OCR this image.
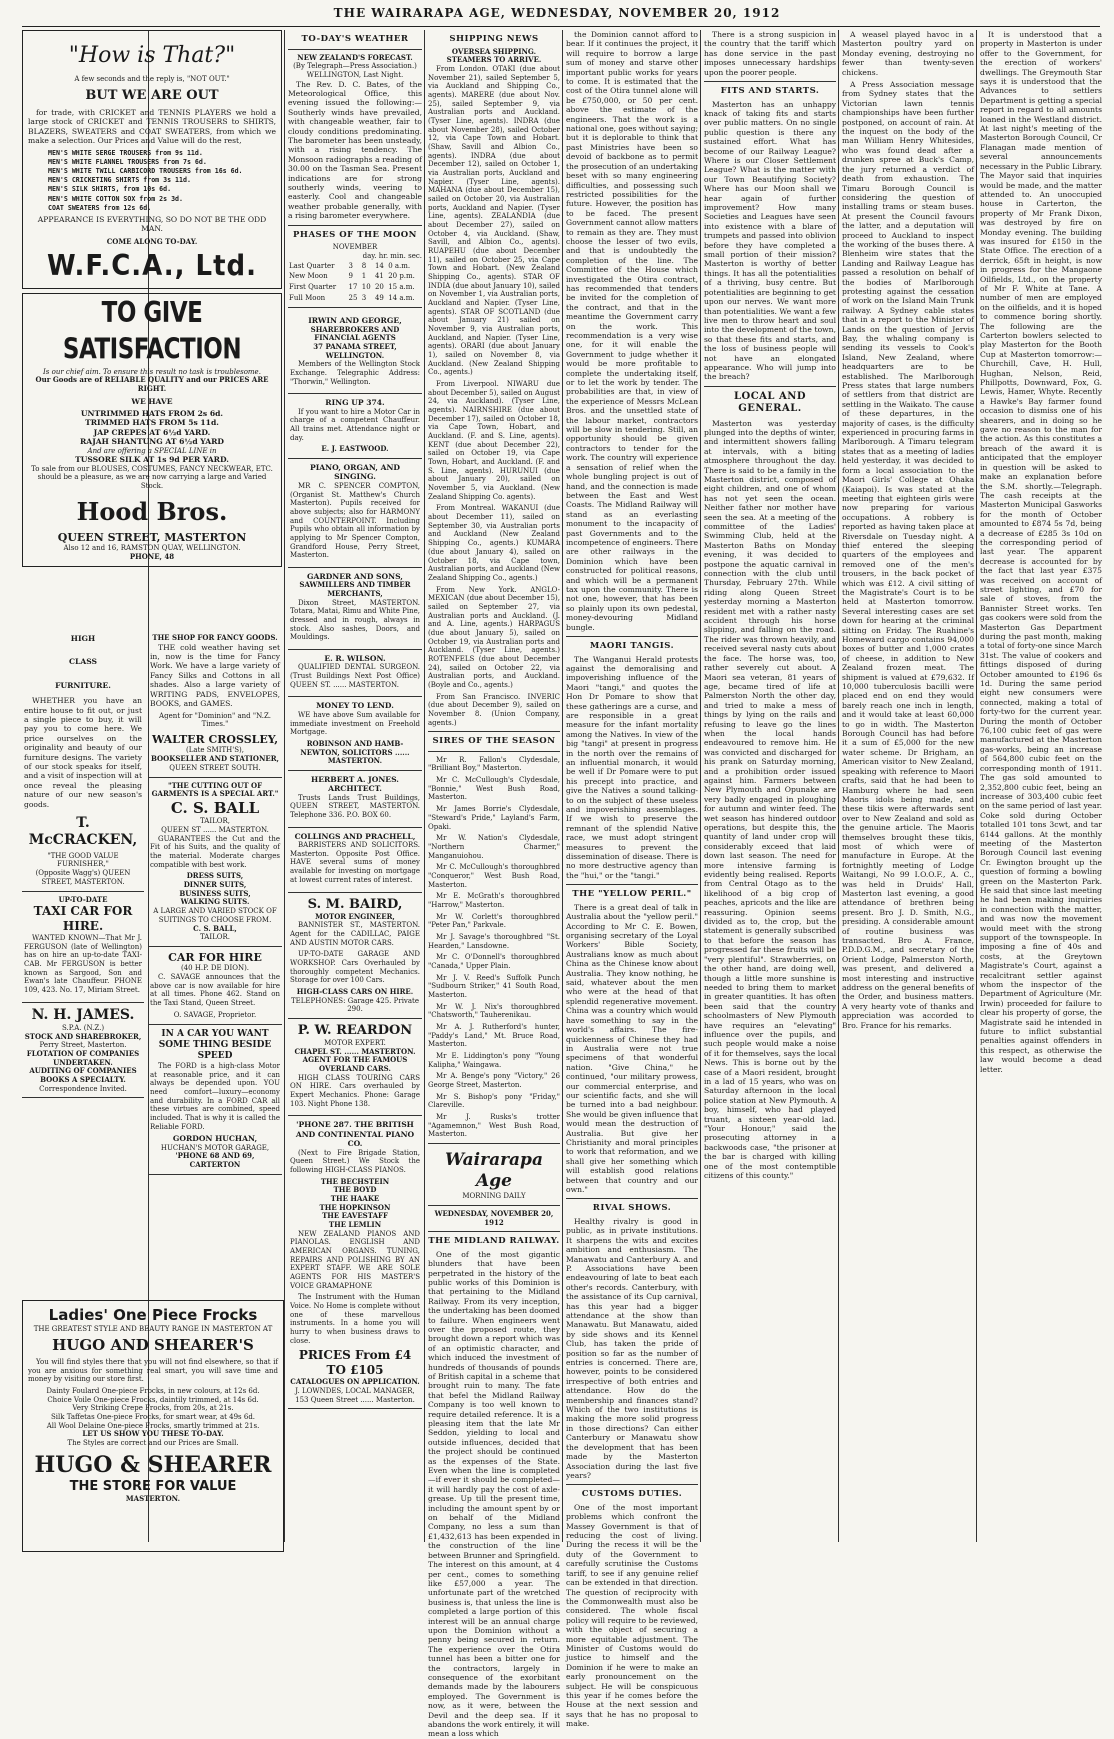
THE WAIRARAPA AGE, WEDNESDAY, NOVEMBER 20, 1912
"How is That?"
A few seconds and the reply is, "NOT OUT."
BUT WE ARE OUT

for trade, with CRICKET and TENNIS PLAYERS we hold a large stock of CRICKET and TENNIS TROUSERS to SHIRTS, BLAZERS, SWEATERS and COAT SWEATERS, from which we make a selection. Our Prices and Value will do the rest,

MEN'S WHITE SERGE TROUSERS from 9s 11d.
MEN'S WHITE FLANNEL TROUSERS from 7s 6d.
MEN'S WHITE TWILL CARBICORD TROUSERS from 16s 6d.
MEN'S CRICKETING SHIRTS from 3s 11d.
MEN'S SILK SHIRTS, from 10s 6d.
MEN'S WHITE COTTON SOX from 2s 3d.
COAT SWEATERS from 12s 6d.
APPEARANCE IS EVERYTHING, SO DO NOT BE THE ODD MAN.
COME ALONG TO-DAY.
W.F.C.A., Ltd.
TO GIVE SATISFACTION
Is our chief aim. To ensure this result no task is troublesome.
Our Goods are of RELIABLE QUALITY and our PRICES ARE RIGHT.
WE HAVE
UNTRIMMED HATS FROM 2s 6d.
TRIMMED HATS FROM 5s 11d.
JAP CREPES AT 6½d YARD.
RAJAH SHANTUNG AT 6½d YARD
And are offering a SPECIAL LINE in
TUSSORE SILK AT 1s 9d PER YARD.
To sale from our BLOUSES, COSTUMES, FANCY NECKWEAR, ETC. should be a pleasure, as we are now carrying a large and Varied Stock.
Hood Bros.
QUEEN STREET, MASTERTON
Also 12 and 16, RAMSTON QUAY, WELLINGTON.
PHONE, 48
HIGH
CLASS
FURNITURE.

WHETHER you have an entire house to fit out, or just a single piece to buy, it will pay you to come here. We price ourselves on the originality and beauty of our furniture designs. The variety of our stock speaks for itself, and a visit of inspection will at once reveal the pleasing nature of our new season's goods.

T. McCRACKEN,
"THE GOOD VALUE FURNISHER,"
(Opposite Wagg's) QUEEN STREET, MASTERTON.
UP-TO-DATE
TAXI CAR FOR HIRE.

WANTED KNOWN—That Mr J. FERGUSON (late of Wellington) has on hire an up-to-date TAXI-CAB. Mr FERGUSON is better known as Sargood, Son and Ewan's late Chauffeur. PHONE 109, 423. No. 17, Miriam Street.

N. H. JAMES.
S.P.A. (N.Z.)
STOCK AND SHAREBROKER,
Perry Street, Masterton.
FLOTATION OF COMPANIES UNDERTAKEN.
AUDITING OF COMPANIES BOOKS A SPECIALTY.
Correspondence Invited.
THE SHOP FOR FANCY GOODS.

THE cold weather having set in, now is the time for Fancy Work. We have a large variety of Fancy Silks and Cottons in all shades. Also a large variety of WRITING PADS, ENVELOPES, BOOKS, and GAMES.

Agent for "Dominion" and "N.Z. Times."
WALTER CROSSLEY,
(Late SMITH'S),
BOOKSELLER AND STATIONER,
QUEEN STREET SOUTH.
"THE CUTTING OUT OF GARMENTS IS A SPECIAL ART."
C. S. BALL
TAILOR,
QUEEN ST ...... MASTERTON.

GUARANTEES the Cut and the Fit of his Suits, and the quality of the material. Moderate charges compatible with best work.

DRESS SUITS,
DINNER SUITS,
BUSINESS SUITS,
WALKING SUITS.
A LARGE AND VARIED STOCK OF SUITINGS TO CHOOSE FROM.
C. S. BALL,
TAILOR.
CAR FOR HIRE
(40 H.P. DE DION).

C. SAVAGE announces that the above car is now available for hire at all times. Phone 462. Stand on the Taxi Stand, Queen Street.

O. SAVAGE, Proprietor.
IN A CAR YOU WANT SOME THING BESIDE SPEED

The FORD is a high-class Motor at reasonable price, and it can always be depended upon. YOU need comfort—luxury—economy and durability. In a FORD CAR all these virtues are combined, speed included. That is why it is called the Reliable FORD.

GORDON HUCHAN,
HUCHAN'S MOTOR GARAGE,
'PHONE 68 AND 69, CARTERTON
Ladies' One Piece Frocks
THE GREATEST STYLE AND BEAUTY RANGE IN MASTERTON AT
HUGO AND SHEARER'S

You will find styles there that you will not find elsewhere, so that if you are anxious for something real smart, you will save time and money by visiting our store first.

Dainty Foulard One-piece Frocks, in new colours, at 12s 6d.
Choice Voile One-piece Frocks, daintily trimmed, at 14s 6d.
Very Striking Crepe Frocks, from 20s, at 21s.
Silk Taffetas One-piece Frocks, for smart wear, at 49s 6d.
All Wool Delaine One-piece Frocks, smartly trimmed at 21s.
LET US SHOW YOU THESE TO-DAY.
The Styles are correct and our Prices are Small.
HUGO & SHEARER
THE STORE FOR VALUE
MASTERTON.
TO-DAY'S WEATHER
NEW ZEALAND'S FORECAST.
(By Telegraph—Press Association.)
WELLINGTON, Last Night.

The Rev. D. C. Bates, of the Meteorological Office, this evening issued the following:— Southerly winds have prevailed, with changeable weather, fair to cloudy conditions predominating. The barometer has been unsteady, with a rising tendency. The Monsoon radiographs a reading of 30.00 on the Tasman Sea. Present indications are for strong southerly winds, veering to easterly. Cool and changeable weather probable generally, with a rising barometer everywhere.

PHASES OF THE MOON
NOVEMBER
day. hr. min. sec.
Last Quarter	3	8	14	0 a.m.
New Moon	9	1	41	20 p.m.
First Quarter	17	10	20	15 a.m.
Full Moon	25	3	49	14 a.m.
IRWIN AND GEORGE,
SHAREBROKERS AND FINANCIAL AGENTS
37 PANAMA STREET, WELLINGTON.

Members of the Wellington Stock Exchange. Telegraphic Address: "Thorwin," Wellington.

RING UP 374.

If you want to hire a Motor Car in charge of a competent Chauffeur. All trains met. Attendance night or day.

E. J. EASTWOOD.
PIANO, ORGAN, AND SINGING.

MR C. SPENCER COMPTON, (Organist St. Matthew's Church Masterton). Pupils received for above subjects; also for HARMONY and COUNTERPOINT. Including Pupils who obtain all information by applying to Mr Spencer Compton, Grandford House, Perry Street, Masterton.

GARDNER AND SONS,
SAWMILLERS AND TIMBER MERCHANTS,

Dixon Street, MASTERTON. Totara, Matai, Rimu and White Pine, dressed and in rough, always in stock. Also sashes, Doors, and Mouldings.

E. R. WILSON.

QUALIFIED DENTAL SURGEON. (Trust Buildings Next Post Office) QUEEN ST. ...... MASTERTON.

MONEY TO LEND.

WE have above Sum available for immediate investment on Freehold Mortgage.

ROBINSON AND HAMB-NEWTON, SOLICITORS ...... MASTERTON.
HERBERT A. JONES. ARCHITECT.

Trusts Lands Trust Buildings, QUEEN STREET, MASTERTON. Telephone 336. P.O. BOX 60.

COLLINGS AND PRACHELL,

BARRISTERS AND SOLICITORS. Masterton. Opposite Post Office. HAVE several sums of money available for investing on mortgage at lowest current rates of interest.

S. M. BAIRD,
MOTOR ENGINEER,

BANNISTER ST., MASTERTON. Agent for the CADILLAC, PAIGE AND AUSTIN MOTOR CARS.

UP-TO-DATE GARAGE AND WORKSHOP. Cars Overhauled by thoroughly competent Mechanics. Storage for over 100 Cars.

HIGH-CLASS CARS ON HIRE.
TELEPHONES: Garage 425. Private 290.
P. W. REARDON
MOTOR EXPERT.
CHAPEL ST. ...... MASTERTON.
AGENT FOR THE FAMOUS OVERLAND CARS.

HIGH CLASS TOURING CARS ON HIRE. Cars overhauled by Expert Mechanics. Phone: Garage 103. Night Phone 138.

'PHONE 287. THE BRITISH AND CONTINENTAL PIANO CO.

(Next to Fire Brigade Station, Queen Street.) We Stock the following HIGH-CLASS PIANOS.

THE BECHSTEIN
THE BOYD
THE HAAKE
THE HOPKINSON
THE EAVESTAFF
THE LEMLIN

NEW ZEALAND PIANOS AND PIANOLAS. ENGLISH AND AMERICAN ORGANS. TUNING, REPAIRS AND POLISHING BY AN EXPERT STAFF. WE ARE SOLE AGENTS FOR HIS MASTER'S VOICE GRAMAPHONE

The Instrument with the Human Voice. No Home is complete without one of these marvellous instruments. In a home you will hurry to when business draws to close.

PRICES From £4 TO £105
CATALOGUES ON APPLICATION.
J. LOWNDES, LOCAL MANAGER,
153 Queen Street ...... Masterton.
SHIPPING NEWS
OVERSEA SHIPPING.
STEAMERS TO ARRIVE.

From London. OTAKI (due about November 21), sailed September 5, via Auckland and Shipping Co., agents). MARERE (due about Nov. 25), sailed September 9, via Australian ports and Auckland. (Tyser Line, agents). INDRA (due about November 28), sailed October 12, via Cape Town and Hobart. (Shaw, Savill and Albion Co., agents). INDRA (due about December 12), sailed on October 1, via Australian ports, Auckland and Napier. (Tyser Line, agents). MAHANA (due about December 15), sailed on October 20, via Australian ports, Auckland and Napier. (Tyser Line, agents). ZEALANDIA (due about December 27), sailed on October 4, via Auckland. (Shaw, Savill, and Albion Co., agents). RUAPEHU (due about December 11), sailed on October 25, via Cape Town and Hobart. (New Zealand Shipping Co., agents). STAR OF INDIA (due about January 10), sailed on November 1, via Australian ports, Auckland and Napier. (Tyser Line, agents). STAR OF SCOTLAND (due about January 21) sailed on November 9, via Australian ports, Auckland, and Napier. (Tyser Line, agents). ORARI (due about January 1), sailed on November 8, via Auckland. (New Zealand Shipping Co., agents.)

From Liverpool. NIWARU due about December 5), sailed on August 24, via Auckland). (Tyser Line, agents). NAIRNSHIRE (due about December 17), sailed on October 18, via Cape Town, Hobart, and Auckland. (F. and S. Line, agents). KENT (due about December 22), sailed on October 19, via Cape Town, Hobart, and Auckland. (F. and S. Line, agents). HURUNUI (due about January 20), sailed on November 5, via Auckland. (New Zealand Shipping Co. agents).

From Montreal. WAKANUI (due about December 11), sailed on September 30, via Australian ports and Auckland (New Zealand Shipping Co., agents.) KUMARA (due about January 4), sailed on October 18, via Cape town, Australian ports, and Auckland (New Zealand Shipping Co., agents.)

From New York. ANGLO-MEXICAN (due about December 15), sailed on September 27, via Australian ports and Auckland. (J. and A. Line, agents.) HARPAGUS (due about January 5), sailed on October 19, via Australian ports and Auckland. (Tyser Line, agents.) ROTENFELS (due about December 24), sailed on October 22, via Australian ports, and Auckland. (Boyle and Co., agents.)

From San Francisco. INVERIC (due about December 9), sailed on November 8. (Union Company, agents.)

SIRES OF THE SEASON

Mr R. Fallon's Clydesdale, "Brilliant Boy," Masterton.

Mr C. McCullough's Clydesdale, "Bonnie," West Bush Road, Masterton.

Mr James Borrie's Clydesdale, "Steward's Pride," Layland's Farm, Opaki.

Mr W. Nation's Clydesdale, "Northern Charmer," Manganuiohou.

Mr C. McCullough's thoroughbred "Conqueror," West Bush Road, Masterton.

Mr E. McGrath's thoroughbred "Harrow," Masterton.

Mr W. Corlett's thoroughbred "Peter Pan," Parkvale.

Mr J. Savage's thoroughbred "St. Hearden," Lansdowne.

Mr C. O'Donnell's thoroughbred "Canada," Upper Plain.

Mr J. V. Reed's Suffolk Punch "Sudbourn Striker," 41 South Road, Masterton.

Mr W. J. Nix's thoroughbred "Chatsworth," Tauherenikau.

Mr A. J. Rutherford's hunter, "Paddy's Land," Mt. Bruce Road, Masterton.

Mr E. Liddington's pony "Young Kalipha," Waingawa.

Mr A. Benge's pony "Victory," 26 George Street, Masterton.

Mr S. Bishop's pony "Friday," Clareville.

Mr J. Rusks's trotter "Agamemnon," West Bush Road, Masterton.

Wairarapa Age
MORNING DAILY
WEDNESDAY, NOVEMBER 20, 1912
THE MIDLAND RAILWAY.

One of the most gigantic blunders that have been perpetrated in the history of the public works of this Dominion is that pertaining to the Midland Railway. From its very inception, the undertaking has been doomed to failure. When engineers went over the proposed route, they brought down a report which was of an optimistic character, and which induced the investment of hundreds of thousands of pounds of British capital in a scheme that brought ruin to many. The fate that befel the Midland Railway Company is too well known to require detailed reference. It is a pleasing item that the late Mr Seddon, yielding to local and outside influences, decided that the project should be continued as the expenses of the State. Even when the line is completed—if ever it should be completed—it will hardly pay the cost of axle-grease. Up till the present time, including the amount spent by or on behalf of the Midland Company, no less a sum than £1,432,613 has been expended in the construction of the line between Brunner and Springfield. The interest on this amount, at 4 per cent., comes to something like £57,000 a year. The unfortunate part of the wretched business is, that unless the line is completed a large portion of this interest will be an annual charge upon the Dominion without a penny being secured in return. The experience over the Otira tunnel has been a bitter one for the contractors, largely in consequence of the exorbitant demands made by the labourers employed. The Government is now, as it were, between the Devil and the deep sea. If it abandons the work entirely, it will mean a loss which

the Dominion cannot afford to bear. If it continues the project, it will require to borrow a large sum of money and starve other important public works for years to come. It is estimated that the cost of the Otira tunnel alone will be £750,000, or 50 per cent. above the estimate of the engineers. That the work is a national one, goes without saying; but it is deplorable to think that past Ministries have been so devoid of backbone as to permit the prosecution of an undertaking beset with so many engineering difficulties, and possessing such restricted possibilities for the future. However, the position has to be faced. The present Government cannot allow matters to remain as they are. They must choose the lesser of two evils, and that is undoubtedly the completion of the line. The Committee of the House which investigated the Otira contract, has recommended that tenders be invited for the completion of the contract, and that in the meantime the Government carry on the work. This recommendation is a very wise one, for it will enable the Government to judge whether it would be more profitable to complete the undertaking itself, or to let the work by tender. The probabilities are that, in view of the experience of Messrs McLean Bros. and the unsettled state of the labour market, contractors will be slow in tendering. Still, an opportunity should be given contractors to tender for the work. The country will experience a sensation of relief when the whole bungling project is out of hand, and the connection is made between the East and West Coasts. The Midland Railway will stand as an everlasting monument to the incapacity of past Governments and to the incompetence of engineers. There are other railways in the Dominion which have been constructed for political reasons, and which will be a permanent tax upon the community. There is not one, however, that has been so plainly upon its own pedestal, money-devouring Midland bungle.

MAORI TANGIS.

The Wanganui Herald protests against the demoralising and impoverishing influence of the Maori "tangi," and quotes the Hon Dr Pomare to show that these gatherings are a curse, and are responsible in a great measure for the infant mortality among the Natives. In view of the big "tangi" at present in progress in the north over the remains of an influential monarch, it would be well if Dr Pomare were to put his precept into practice, and give the Natives a sound talking-to on the subject of these useless and impoverishing assemblages. If we wish to preserve the remnant of the splendid Native race, we must adopt stringent measures to prevent the dissemination of disease. There is no more destructive agency than the "hui," or the "tangi."

THE "YELLOW PERIL."

There is a great deal of talk in Australia about the "yellow peril." According to Mr C. E. Bowen, organising secretary of the Loyal Workers' Bible Society, Australians know as much about China as the Chinese know about Australia. They know nothing, he said, whatever about the men who were at the head of that splendid regenerative movement. China was a country which would have something to say in the world's affairs. The fire-quickenness of Chinese they had in Australia were not true specimens of that wonderful nation. "Give China," he continued, "our military prowess, our commercial enterprise, and our scientific facts, and she will be turned into a bad neighbour. She would be given influence that would mean the destruction of Australia. But give her Christianity and moral principles to work that reformation, and we shall give her something which will establish good relations between that country and our own."

RIVAL SHOWS.

Healthy rivalry is good in public, as in private institutions. It sharpens the wits and excites ambition and enthusiasm. The Manawatu and Canterbury A. and P. Associations have been endeavouring of late to beat each other's records. Canterbury, with the assistance of its Cup carnival, has this year had a bigger attendance at the show than Manawatu. But Manawatu, aided by side shows and its Kennel Club, has taken the pride of position so far as the number of entries is concerned. There are, however, points to be considered irrespective of both entries and attendance. How do the membership and finances stand? Which of the two institutions is making the more solid progress in those directions? Can either Canterbury or Manawatu show the development that has been made by the Masterton Association during the last five years?

CUSTOMS DUTIES.

One of the most important problems which confront the Massey Government is that of reducing the cost of living. During the recess it will be the duty of the Government to carefully scrutinise the Customs tariff, to see if any genuine relief can be extended in that direction. The question of reciprocity with the Commonwealth must also be considered. The whole fiscal policy will require to be reviewed, with the object of securing a more equitable adjustment. The Minister of Customs would do justice to himself and the Dominion if he were to make an early pronouncement on the subject. He will be conspicuous this year if he comes before the House at the next session and says that he has no proposal to make.

There is a strong suspicion in the country that the tariff which has done service in the past imposes unnecessary hardships upon the poorer people.

FITS AND STARTS.

Masterton has an unhappy knack of taking fits and starts over public matters. On no single public question is there any sustained effort. What has become of our Railway League? Where is our Closer Settlement League? What is the matter with our Town Beautifying Society? Where has our Moon shall we hear again of further improvement? How many Societies and Leagues have seen into existence with a blare of trumpets and passed into oblivion before they have completed a small portion of their mission? Masterton is worthy of better things. It has all the potentialities of a thriving, busy centre. But potentialities are beginning to get upon our nerves. We want more than potentialities. We want a few live men to throw heart and soul into the development of the town, so that these fits and starts, and the loss of business people will not have an elongated appearance. Who will jump into the breach?

LOCAL AND GENERAL.

Masterton was yesterday plunged into the depths of winter, and intermittent showers falling at intervals, with a biting atmosphere throughout the day. There is said to be a family in the Masterton district, composed of eight children, and one of whom has not yet seen the ocean. Neither father nor mother have seen the sea. At a meeting of the committee of the Ladies' Swimming Club, held at the Masterton Baths on Monday evening, it was decided to postpone the aquatic carnival in connection with the club until Thursday, February 27th. While riding along Queen Street yesterday morning a Masterton resident met with a rather nasty accident through his horse slipping, and falling on the road. The rider was thrown heavily, and received several nasty cuts about the face. The horse was, too, rather severely cut about. A Maori sea veteran, 81 years of age, became tired of life at Palmerston North the other day, and tried to make a mess of things by lying on the rails and refusing to leave go the lines when the local hands endeavoured to remove him. He was convicted and discharged for his prank on Saturday morning, and a prohibition order issued against him. Farmers between New Plymouth and Opunake are very badly engaged in ploughing for autumn and winter feed. The wet season has hindered outdoor operations, but despite this, the quantity of land under crop will considerably exceed that laid down last season. The need for more intensive farming is evidently being realised. Reports from Central Otago as to the likelihood of a big crop of peaches, apricots and the like are reassuring. Opinion seems divided as to, the crop, but the statement is generally subscribed to that before the season has progressed far these fruits will be "very plentiful". Strawberries, on the other hand, are doing well, though a little more sunshine is needed to bring them to market in greater quantities. It has often been said that the country schoolmasters of New Plymouth have requires an "elevating" influence over the pupils, and such people would make a noise of it for themselves, says the local News. This is borne out by the case of a Maori resident, brought in a lad of 15 years, who was on Saturday afternoon in the local police station at New Plymouth. A boy, himself, who had played truant, a sixteen year-old lad. "Your Honour," said the prosecuting attorney in a backwoods case, "the prisoner at the bar is charged with killing one of the most contemptible citizens of this county."

A weasel played havoc in a Masterton poultry yard on Monday evening, destroying no fewer than twenty-seven chickens.

A Press Association message from Sydney states that the Victorian lawn tennis championships have been further postponed, on account of rain. At the inquest on the body of the man William Henry Whitesides, who was found dead after a drunken spree at Buck's Camp, the jury returned a verdict of death from exhaustion. The Timaru Borough Council is considering the question of installing trams or steam buses. At present the Council favours the latter, and a deputation will proceed to Auckland to inspect the working of the buses there. A Blenheim wire states that the Landing and Railway League has passed a resolution on behalf of the bodies of Marlborough protesting against the cessation of work on the Island Main Trunk railway. A Sydney cable states that in a report to the Minister of Lands on the question of Jervis Bay, the whaling company is sending its vessels to Cook's Island, New Zealand, where headquarters are to be established. The Marlborough Press states that large numbers of settlers from that district are settling in the Waikato. The cause of these departures, in the majority of cases, is the difficulty experienced in procuring farms in Marlborough. A Timaru telegram states that as a meeting of ladies held yesterday, it was decided to form a local association to the Maori Girls' College at Ohaka (Kaiapoi). Is was stated at the meeting that eighteen girls were now preparing for various occupations. A robbery is reported as having taken place at Riversdale on Tuesday night. A thief entered the sleeping quarters of the employees and removed one of the men's trousers, in the back pocket of which was £12. A civil sitting of the Magistrate's Court is to be held at Masterton tomorrow. Several interesting cases are set down for hearing at the criminal sitting on Friday. The Ruahine's Homeward cargo contains 94,000 boxes of butter and 1,000 crates of cheese, in addition to New Zealand frozen meat. The shipment is valued at £79,632. If 10,000 tuberculosis bacilli were placed end on end they would barely reach one inch in length, and it would take at least 60,000 to go in width. The Masterton Borough Council has had before it a sum of £5,000 for the new water scheme. Dr Brigham, an American visitor to New Zealand, speaking with reference to Maori crafts, said that he had been to Hamburg where he had seen Maoris idols being made, and these tikis were afterwards sent over to New Zealand and sold as the genuine article. The Maoris themselves brought these tikis, most of which were of manufacture in Europe. At the fortnightly meeting of Lodge Waitangi, No 99 I.O.O.F., A. C., was held in Druids' Hall, Masterton last evening, a good attendance of brethren being present. Bro J. D. Smith, N.G., presiding. A considerable amount of routine business was transacted. Bro A. France, P.D.D.G.M., and secretary of the Orient Lodge, Palmerston North, was present, and delivered a most interesting and instructive address on the general benefits of the Order, and business matters. A very hearty vote of thanks and appreciation was accorded to Bro. France for his remarks.

It is understood that a property in Masterton is under offer to the Government, for the erection of workers' dwellings. The Greymouth Star says it is understood that the Advances to settlers Department is getting a special report in regard to all amounts loaned in the Westland district. At last night's meeting of the Masterton Borough Council, Cr Flanagan made mention of several announcements necessary in the Public Library. The Mayor said that inquiries would be made, and the matter attended to. An unoccupied house in Carterton, the property of Mr Frank Dixon, was destroyed by fire on Monday evening. The building was insured for £150 in the State Office. The erection of a derrick, 65ft in height, is now in progress for the Mangaone Oilfields, Ltd., on the property of Mr F. White at Tane. A number of men are employed on the oilfields, and it is hoped to commence boring shortly. The following are the Carterton bowlers selected to play Masterton for the Booth Cup at Masterton tomorrow:—Churchill, Cave, H. Hull, Hughan, Nelson, Reid, Phillpotts, Downward, Fox, G. Lewis, Hamer, Whyte. Recently a Hawke's Bay farmer found occasion to dismiss one of his shearers, and in doing so he gave no reason to the man for the action. As this constitutes a breach of the award it is anticipated that the employer in question will be asked to make an explanation before the S.M. shortly.—Telegraph. The cash receipts at the Masterton Municipal Gasworks for the month of October amounted to £874 5s 7d, being a decrease of £285 3s 10d on the corresponding period of last year. The apparent decrease is accounted for by the fact that last year £375 was received on account of street lighting, and £70 for sale of stoves, from the Bannister Street works. Ten gas cookers were sold from the Masterton Gas Department during the past month, making a total of forty-one since March 31st. The value of cookers and fittings disposed of during October amounted to £196 6s 1d. During the same period eight new consumers were connected, making a total of forty-two for the current year. During the month of October 76,100 cubic feet of gas were manufactured at the Masterton gas-works, being an increase of 564,800 cubic feet on the corresponding month of 1911. The gas sold amounted to 2,352,800 cubic feet, being an increase of 303,400 cubic feet on the same period of last year. Coke sold during October totalled 101 tons 3cwt, and tar 6144 gallons. At the monthly meeting of the Masterton Borough Council last evening Cr. Ewington brought up the question of forming a bowling green on the Masterton Park. He said that since last meeting he had been making inquiries in connection with the matter, and was now the movement would meet with the strong support of the townspeople. In imposing a fine of 40s and costs, at the Greytown Magistrate's Court, against a recalcitrant settler against whom the inspector of the Department of Agriculture (Mr. Irwin) proceeded for failure to clear his property of gorse, the Magistrate said he intended in future to inflict substantial penalties against offenders in this respect, as otherwise the law would become a dead letter.
